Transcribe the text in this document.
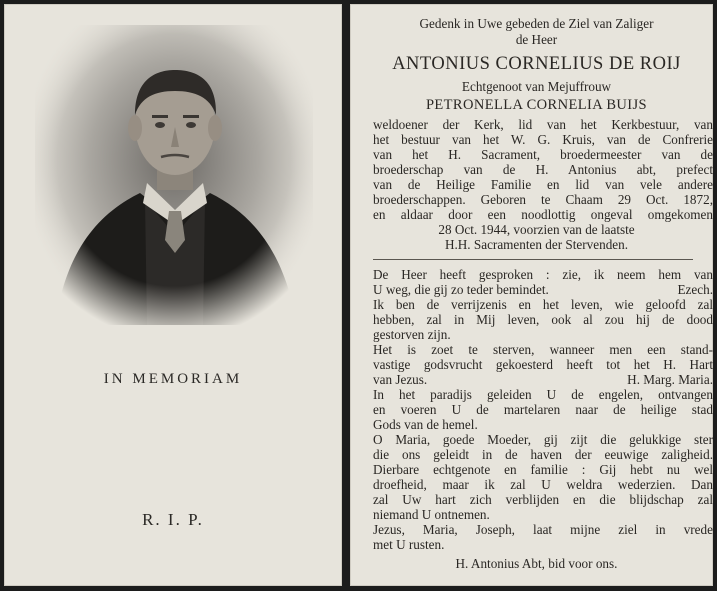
IN MEMORIAM
R. I. P.
Gedenk in Uwe gebeden de Ziel van Zaliger
de Heer
ANTONIUS CORNELIUS DE ROIJ
Echtgenoot van Mejuffrouw
PETRONELLA CORNELIA BUIJS
weldoener der Kerk, lid van het Kerkbestuur, van
het bestuur van het W. G. Kruis, van de Confrerie
van het H. Sacrament, broedermeester van de
broederschap van de H. Antonius abt, prefect
van de Heilige Familie en lid van vele andere
broederschappen. Geboren te Chaam 29 Oct. 1872,
en aldaar door een noodlottig ongeval omgekomen
28 Oct. 1944, voorzien van de laatste
H.H. Sacramenten der Stervenden.
De Heer heeft gesproken : zie, ik neem hem van
U weg, die gij zo teder bemindet.	Ezech.
Ik ben de verrijzenis en het leven, wie geloofd zal
hebben, zal in Mij leven, ook al zou hij de dood
gestorven zijn.
Het is zoet te sterven, wanneer men een stand-
vastige godsvrucht gekoesterd heeft tot het H. Hart
van Jezus.	H. Marg. Maria.
In het paradijs geleiden U de engelen, ontvangen
en voeren U de martelaren naar de heilige stad
Gods van de hemel.
O Maria, goede Moeder, gij zijt die gelukkige ster
die ons geleidt in de haven der eeuwige zaligheid.
Dierbare echtgenote en familie : Gij hebt nu wel
droefheid, maar ik zal U weldra wederzien. Dan
zal Uw hart zich verblijden en die blijdschap zal
niemand U ontnemen.
Jezus, Maria, Joseph, laat mijne ziel in vrede
met U rusten.
H. Antonius Abt, bid voor ons.
